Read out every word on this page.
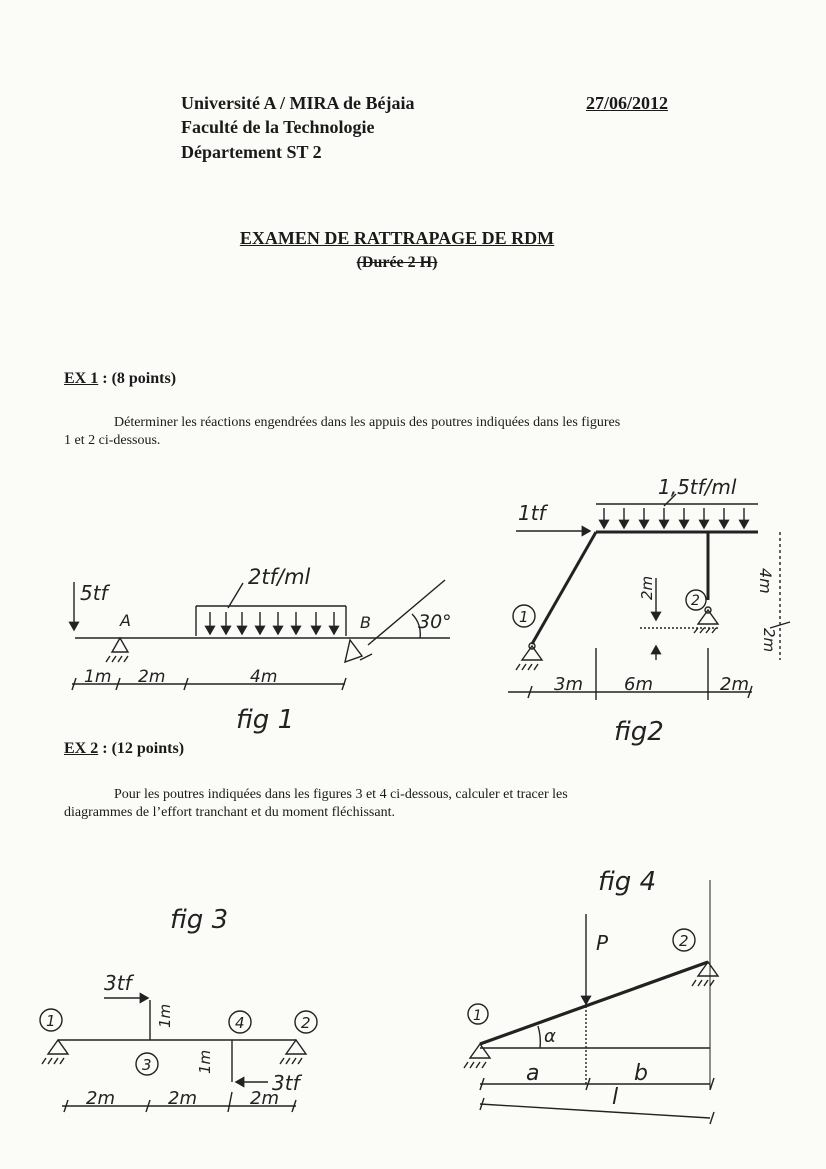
Université A / MIRA de Béjaia
Faculté de la Technologie
Département ST 2
27/06/2012
EXAMEN DE RATTRAPAGE DE RDM
(Durée 2 H)
EX 1 : (8 points)
Déterminer les réactions engendrées dans les appuis des poutres indiquées dans les figures
1 et 2 ci-dessous.
EX 2 : (12 points)
Pour les poutres indiquées dans les figures 3 et 4 ci-dessous, calculer et tracer les
diagrammes de l’effort tranchant et du moment fléchissant.
5tf
A
2tf/ml
B 30°
1m 2m	4m
fig 1
1tf
1,5tf/ml
1
2
2m	4m
2m
3m 6m	2m
fig2
fig 3
3tf
3tf
1
3
4	2
1m
1m
2m	2m	2m
fig 4
P
1
2
α
a	b
l
